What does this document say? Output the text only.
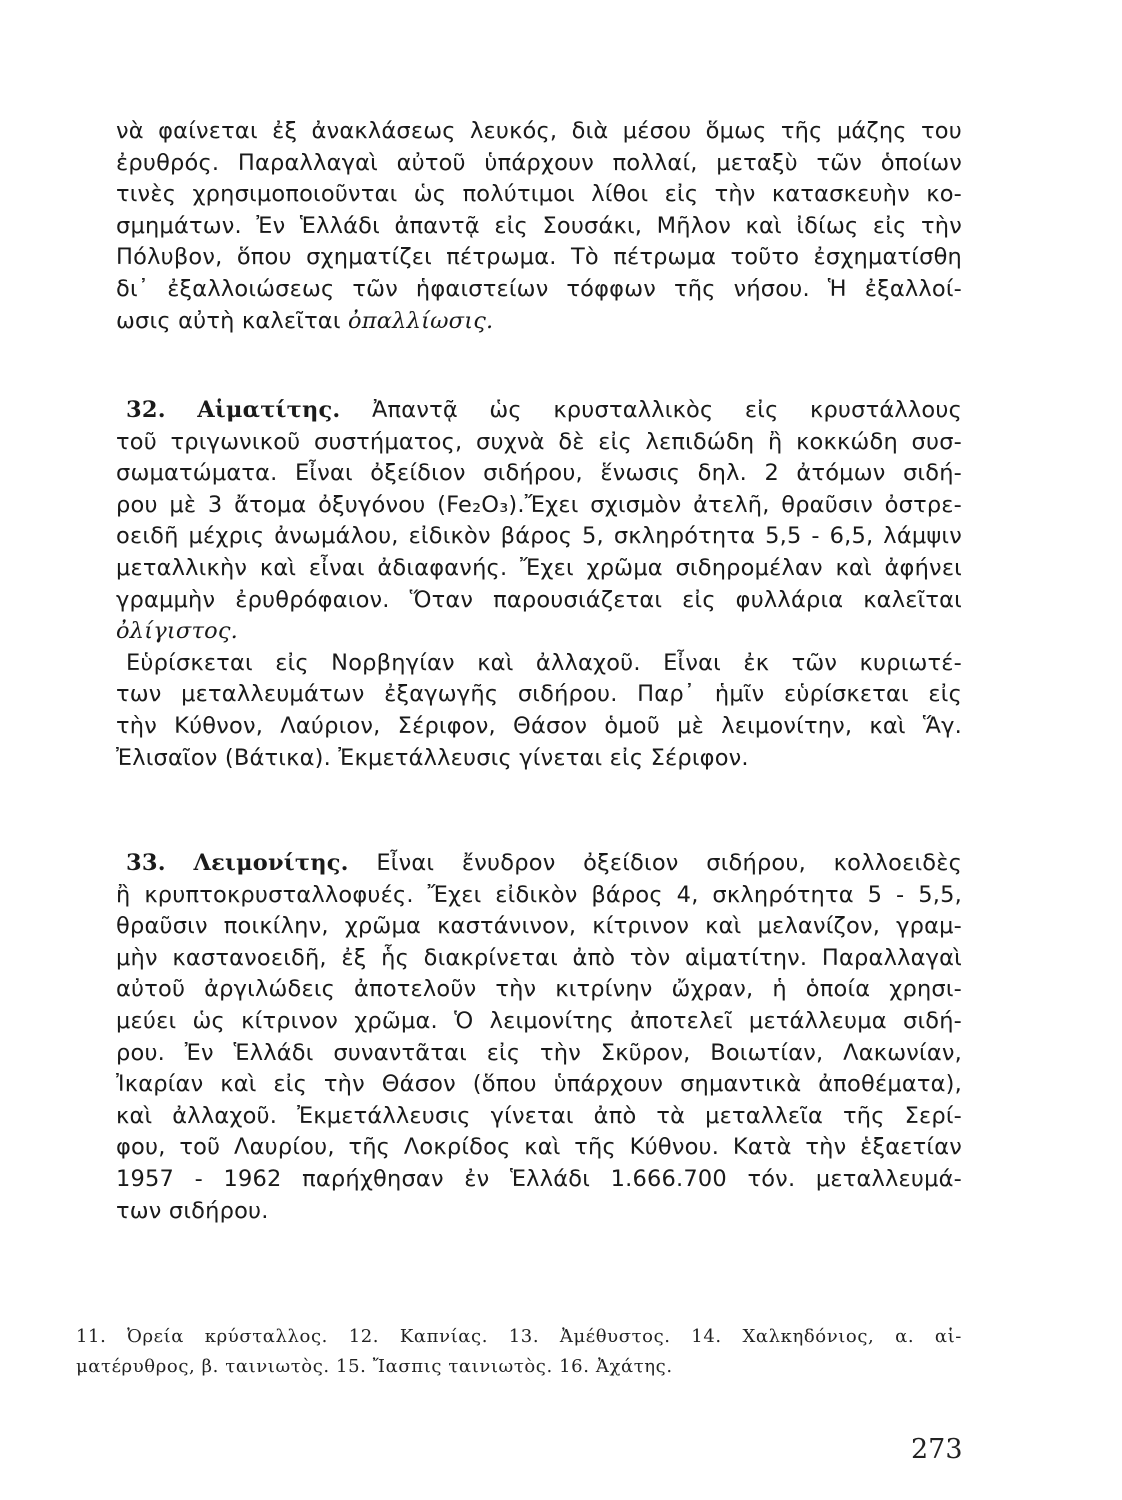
νὰ φαίνεται ἐξ ἀνακλάσεως λευκός, διὰ μέσου ὅμως τῆς μάζης του
ἐρυθρός. Παραλλαγαὶ αὐτοῦ ὑπάρχουν πολλαί, μεταξὺ τῶν ὁποίων
τινὲς χρησιμοποιοῦνται ὡς πολύτιμοι λίθοι εἰς τὴν κατασκευὴν κο-
σμημάτων. Ἐν Ἑλλάδι ἀπαντᾷ εἰς Σουσάκι, Μῆλον καὶ ἰδίως εἰς τὴν
Πόλυβον, ὅπου σχηματίζει πέτρωμα. Τὸ πέτρωμα τοῦτο ἐσχηματίσθη
δι᾽ ἐξαλλοιώσεως τῶν ἡφαιστείων τόφφων τῆς νήσου. Ἡ ἐξαλλοί-
ωσις αὐτὴ καλεῖται ὀπαλλίωσις.
32. Αἱματίτης. Ἀπαντᾷ ὡς κρυσταλλικὸς εἰς κρυστάλλους
τοῦ τριγωνικοῦ συστήματος, συχνὰ δὲ εἰς λεπιδώδη ἢ κοκκώδη συσ-
σωματώματα. Εἶναι ὀξείδιον σιδήρου, ἕνωσις δηλ. 2 ἀτόμων σιδή-
ρου μὲ 3 ἄτομα ὀξυγόνου (Fe₂O₃).Ἔχει σχισμὸν ἀτελῆ, θραῦσιν ὀστρε-
οειδῆ μέχρις ἀνωμάλου, εἰδικὸν βάρος 5, σκληρότητα 5,5 - 6,5, λάμψιν
μεταλλικὴν καὶ εἶναι ἀδιαφανής. Ἔχει χρῶμα σιδηρομέλαν καὶ ἀφήνει
γραμμὴν ἐρυθρόφαιον. Ὅταν παρουσιάζεται εἰς φυλλάρια καλεῖται
ὀλίγιστος.
Εὑρίσκεται εἰς Νορβηγίαν καὶ ἀλλαχοῦ. Εἶναι ἐκ τῶν κυριωτέ-
των μεταλλευμάτων ἐξαγωγῆς σιδήρου. Παρ᾽ ἡμῖν εὑρίσκεται εἰς
τὴν Κύθνον, Λαύριον, Σέριφον, Θάσον ὁμοῦ μὲ λειμονίτην, καὶ Ἅγ.
Ἐλισαῖον (Βάτικα). Ἐκμετάλλευσις γίνεται εἰς Σέριφον.
33. Λειμονίτης. Εἶναι ἔνυδρον ὀξείδιον σιδήρου, κολλοειδὲς
ἢ κρυπτοκρυσταλλοφυές. Ἔχει εἰδικὸν βάρος 4, σκληρότητα 5 - 5,5,
θραῦσιν ποικίλην, χρῶμα καστάνινον, κίτρινον καὶ μελανίζον, γραμ-
μὴν καστανοειδῆ, ἐξ ἧς διακρίνεται ἀπὸ τὸν αἱματίτην. Παραλλαγαὶ
αὐτοῦ ἀργιλώδεις ἀποτελοῦν τὴν κιτρίνην ὤχραν, ἡ ὁποία χρησι-
μεύει ὡς κίτρινον χρῶμα. Ὁ λειμονίτης ἀποτελεῖ μετάλλευμα σιδή-
ρου. Ἐν Ἑλλάδι συναντᾶται εἰς τὴν Σκῦρον, Βοιωτίαν, Λακωνίαν,
Ἰκαρίαν καὶ εἰς τὴν Θάσον (ὅπου ὑπάρχουν σημαντικὰ ἀποθέματα),
καὶ ἀλλαχοῦ. Ἐκμετάλλευσις γίνεται ἀπὸ τὰ μεταλλεῖα τῆς Σερί-
φου, τοῦ Λαυρίου, τῆς Λοκρίδος καὶ τῆς Κύθνου. Κατὰ τὴν ἑξαετίαν
1957 - 1962 παρήχθησαν ἐν Ἑλλάδι 1.666.700 τόν. μεταλλευμά-
των σιδήρου.
11. Ὀρεία κρύσταλλος. 12. Καπνίας. 13. Ἀμέθυστος. 14. Χαλκηδόνιος, α. αἱ-
ματέρυθρος, β. ταινιωτὸς. 15. Ἴασπις ταινιωτὸς. 16. Ἀχάτης.
273
